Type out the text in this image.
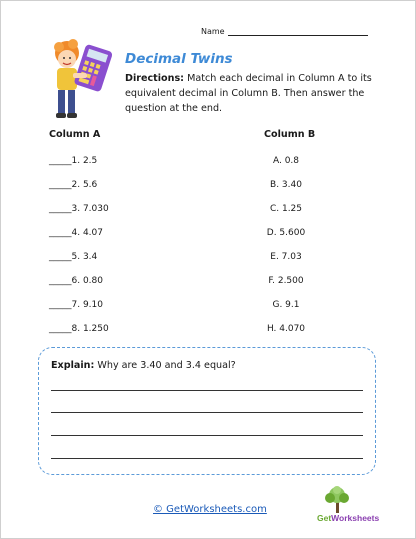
Name
Decimal Twins
Directions: Match each decimal in Column A to its equivalent decimal in Column B. Then answer the question at the end.
Column A	Column B
_____1. 2.5
_____2. 5.6
_____3. 7.030
_____4. 4.07
_____5. 3.4
_____6. 0.80
_____7. 9.10
_____8. 1.250
A. 0.8
B. 3.40
C. 1.25
D. 5.600
E. 7.03
F. 2.500
G. 9.1
H. 4.070
Explain: Why are 3.40 and 3.4 equal?
© GetWorksheets.com
GetWorksheets
